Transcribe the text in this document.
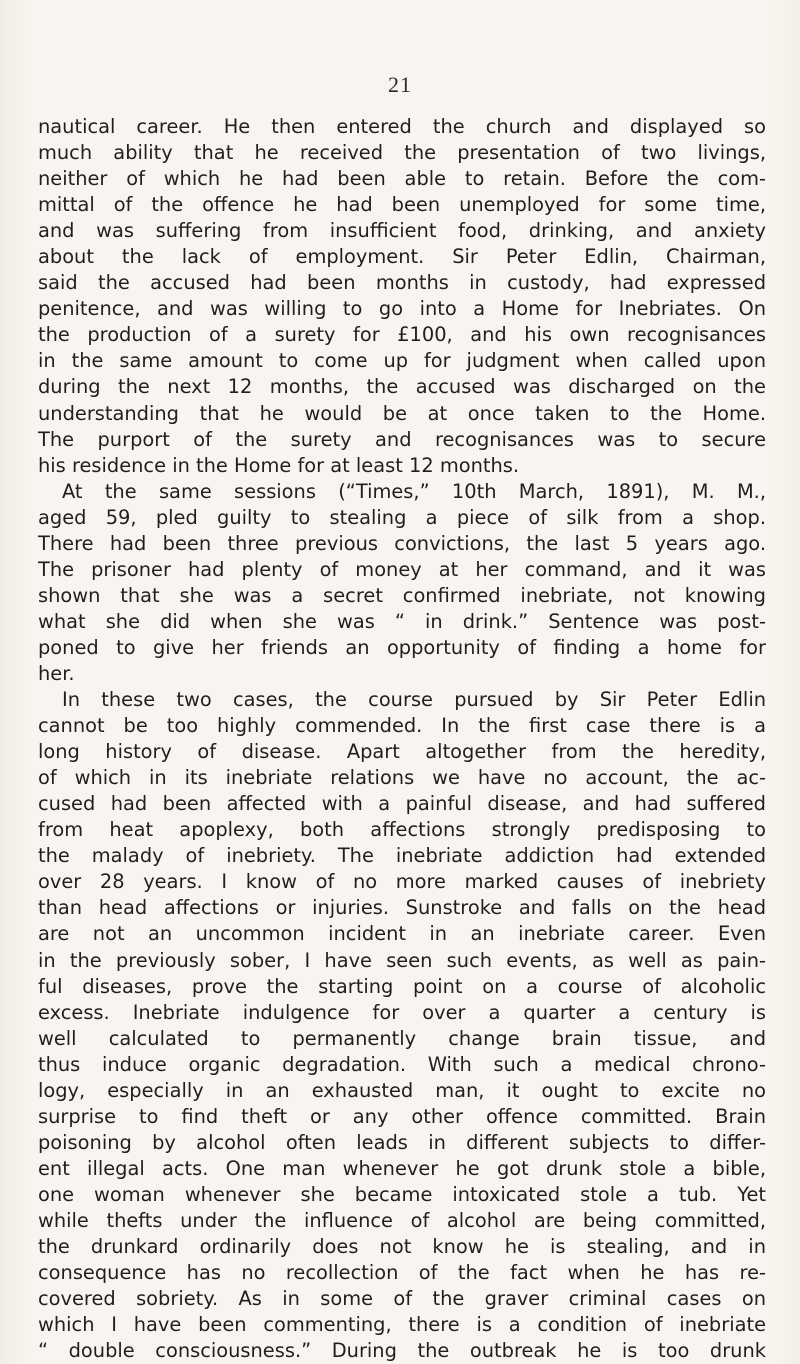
21
nautical career. He then entered the church and displayed so
much ability that he received the presentation of two livings,
neither of which he had been able to retain. Before the com-
mittal of the offence he had been unemployed for some time,
and was suffering from insufficient food, drinking, and anxiety
about the lack of employment. Sir Peter Edlin, Chairman,
said the accused had been months in custody, had expressed
penitence, and was willing to go into a Home for Inebriates. On
the production of a surety for £100, and his own recognisances
in the same amount to come up for judgment when called upon
during the next 12 months, the accused was discharged on the
understanding that he would be at once taken to the Home.
The purport of the surety and recognisances was to secure
his residence in the Home for at least 12 months.
At the same sessions (“Times,” 10th March, 1891), M. M.,
aged 59, pled guilty to stealing a piece of silk from a shop.
There had been three previous convictions, the last 5 years ago.
The prisoner had plenty of money at her command, and it was
shown that she was a secret confirmed inebriate, not knowing
what she did when she was “ in drink.” Sentence was post-
poned to give her friends an opportunity of finding a home for
her.
In these two cases, the course pursued by Sir Peter Edlin
cannot be too highly commended. In the first case there is a
long history of disease. Apart altogether from the heredity,
of which in its inebriate relations we have no account, the ac-
cused had been affected with a painful disease, and had suffered
from heat apoplexy, both affections strongly predisposing to
the malady of inebriety. The inebriate addiction had extended
over 28 years. I know of no more marked causes of inebriety
than head affections or injuries. Sunstroke and falls on the head
are not an uncommon incident in an inebriate career. Even
in the previously sober, I have seen such events, as well as pain-
ful diseases, prove the starting point on a course of alcoholic
excess. Inebriate indulgence for over a quarter a century is
well calculated to permanently change brain tissue, and
thus induce organic degradation. With such a medical chrono-
logy, especially in an exhausted man, it ought to excite no
surprise to find theft or any other offence committed. Brain
poisoning by alcohol often leads in different subjects to differ-
ent illegal acts. One man whenever he got drunk stole a bible,
one woman whenever she became intoxicated stole a tub. Yet
while thefts under the influence of alcohol are being committed,
the drunkard ordinarily does not know he is stealing, and in
consequence has no recollection of the fact when he has re-
covered sobriety. As in some of the graver criminal cases on
which I have been commenting, there is a condition of inebriate
“ double consciousness.” During the outbreak he is too drunk
